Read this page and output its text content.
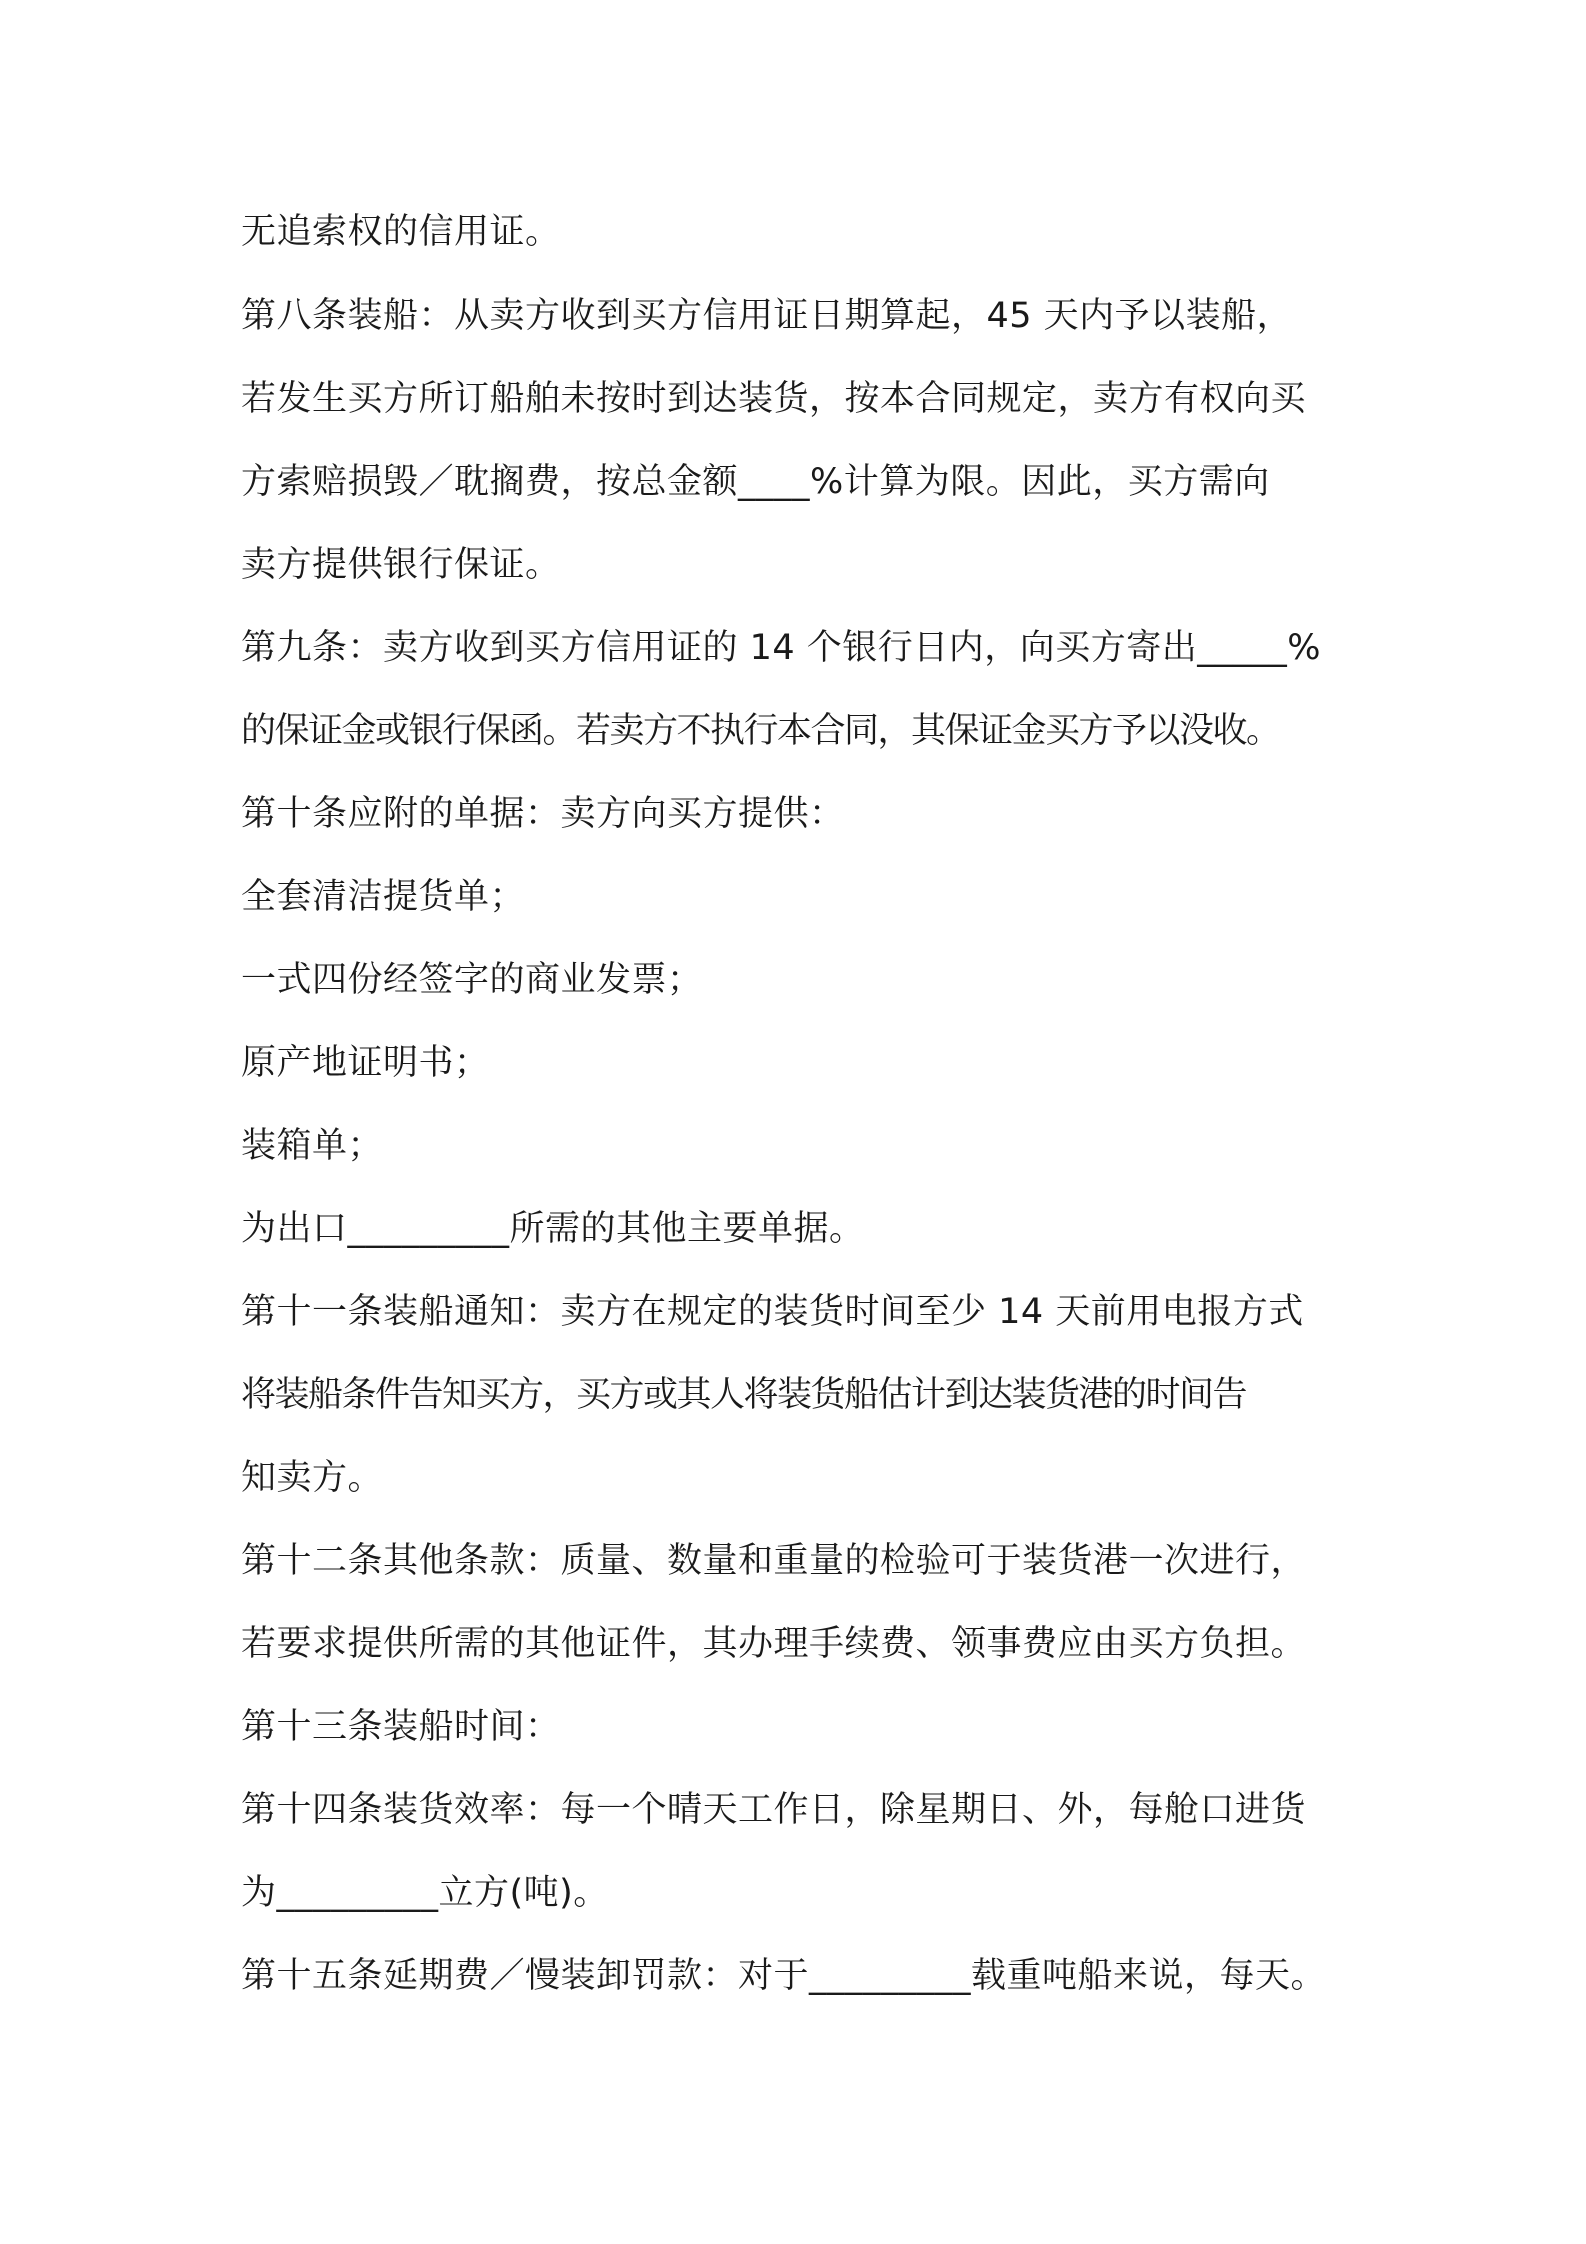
无追索权的信用证。
第八条装船：从卖方收到买方信用证日期算起，45 天内予以装船，
若发生买方所订船舶未按时到达装货，按本合同规定，卖方有权向买
方索赔损毁／耽搁费，按总金额____%计算为限。因此，买方需向
卖方提供银行保证。
第九条：卖方收到买方信用证的 14 个银行日内，向买方寄出_____%
的保证金或银行保函。若卖方不执行本合同，其保证金买方予以没收。
第十条应附的单据：卖方向买方提供：
全套清洁提货单；
一式四份经签字的商业发票；
原产地证明书；
装箱单；
为出口_________所需的其他主要单据。
第十一条装船通知：卖方在规定的装货时间至少 14 天前用电报方式
将装船条件告知买方，买方或其人将装货船估计到达装货港的时间告
知卖方。
第十二条其他条款：质量、数量和重量的检验可于装货港一次进行，
若要求提供所需的其他证件，其办理手续费、领事费应由买方负担。
第十三条装船时间：
第十四条装货效率：每一个晴天工作日，除星期日、外，每舱口进货
为_________立方(吨)。
第十五条延期费／慢装卸罚款：对于_________载重吨船来说，每天。
